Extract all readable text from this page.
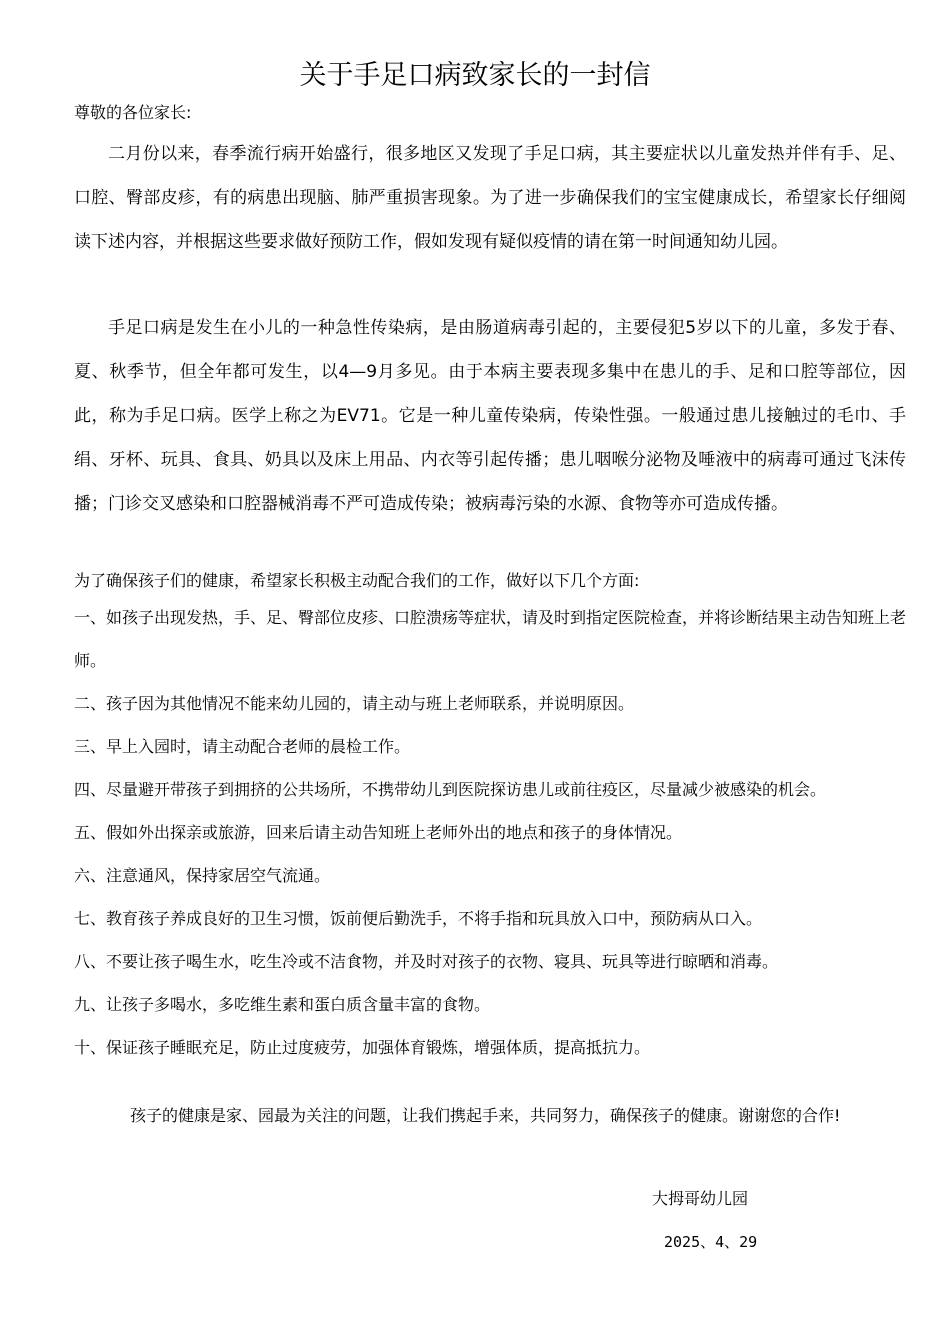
关于手足口病致家长的一封信

尊敬的各位家长:

二月份以来，春季流行病开始盛行，很多地区又发现了手足口病，其主要症状以儿童发热并伴有手、足、口腔、臀部皮疹，有的病患出现脑、肺严重损害现象。为了进一步确保我们的宝宝健康成长，希望家长仔细阅读下述内容，并根据这些要求做好预防工作，假如发现有疑似疫情的请在第一时间通知幼儿园。

手足口病是发生在小儿的一种急性传染病，是由肠道病毒引起的，主要侵犯5岁以下的儿童，多发于春、夏、秋季节，但全年都可发生，以4—9月多见。由于本病主要表现多集中在患儿的手、足和口腔等部位，因此，称为手足口病。医学上称之为EV71。它是一种儿童传染病，传染性强。一般通过患儿接触过的毛巾、手绢、牙杯、玩具、食具、奶具以及床上用品、内衣等引起传播；患儿咽喉分泌物及唾液中的病毒可通过飞沫传播；门诊交叉感染和口腔器械消毒不严可造成传染；被病毒污染的水源、食物等亦可造成传播。

为了确保孩子们的健康，希望家长积极主动配合我们的工作，做好以下几个方面:

一、如孩子出现发热，手、足、臀部位皮疹、口腔溃疡等症状，请及时到指定医院检查，并将诊断结果主动告知班上老师。
二、孩子因为其他情况不能来幼儿园的，请主动与班上老师联系，并说明原因。
三、早上入园时，请主动配合老师的晨检工作。
四、尽量避开带孩子到拥挤的公共场所，不携带幼儿到医院探访患儿或前往疫区，尽量减少被感染的机会。
五、假如外出探亲或旅游，回来后请主动告知班上老师外出的地点和孩子的身体情况。
六、注意通风，保持家居空气流通。
七、教育孩子养成良好的卫生习惯，饭前便后勤洗手，不将手指和玩具放入口中，预防病从口入。
八、不要让孩子喝生水，吃生冷或不洁食物，并及时对孩子的衣物、寝具、玩具等进行晾晒和消毒。
九、让孩子多喝水，多吃维生素和蛋白质含量丰富的食物。
十、保证孩子睡眠充足，防止过度疲劳，加强体育锻炼，增强体质，提高抵抗力。

孩子的健康是家、园最为关注的问题，让我们携起手来，共同努力，确保孩子的健康。谢谢您的合作!

大拇哥幼儿园

2025、4、29
